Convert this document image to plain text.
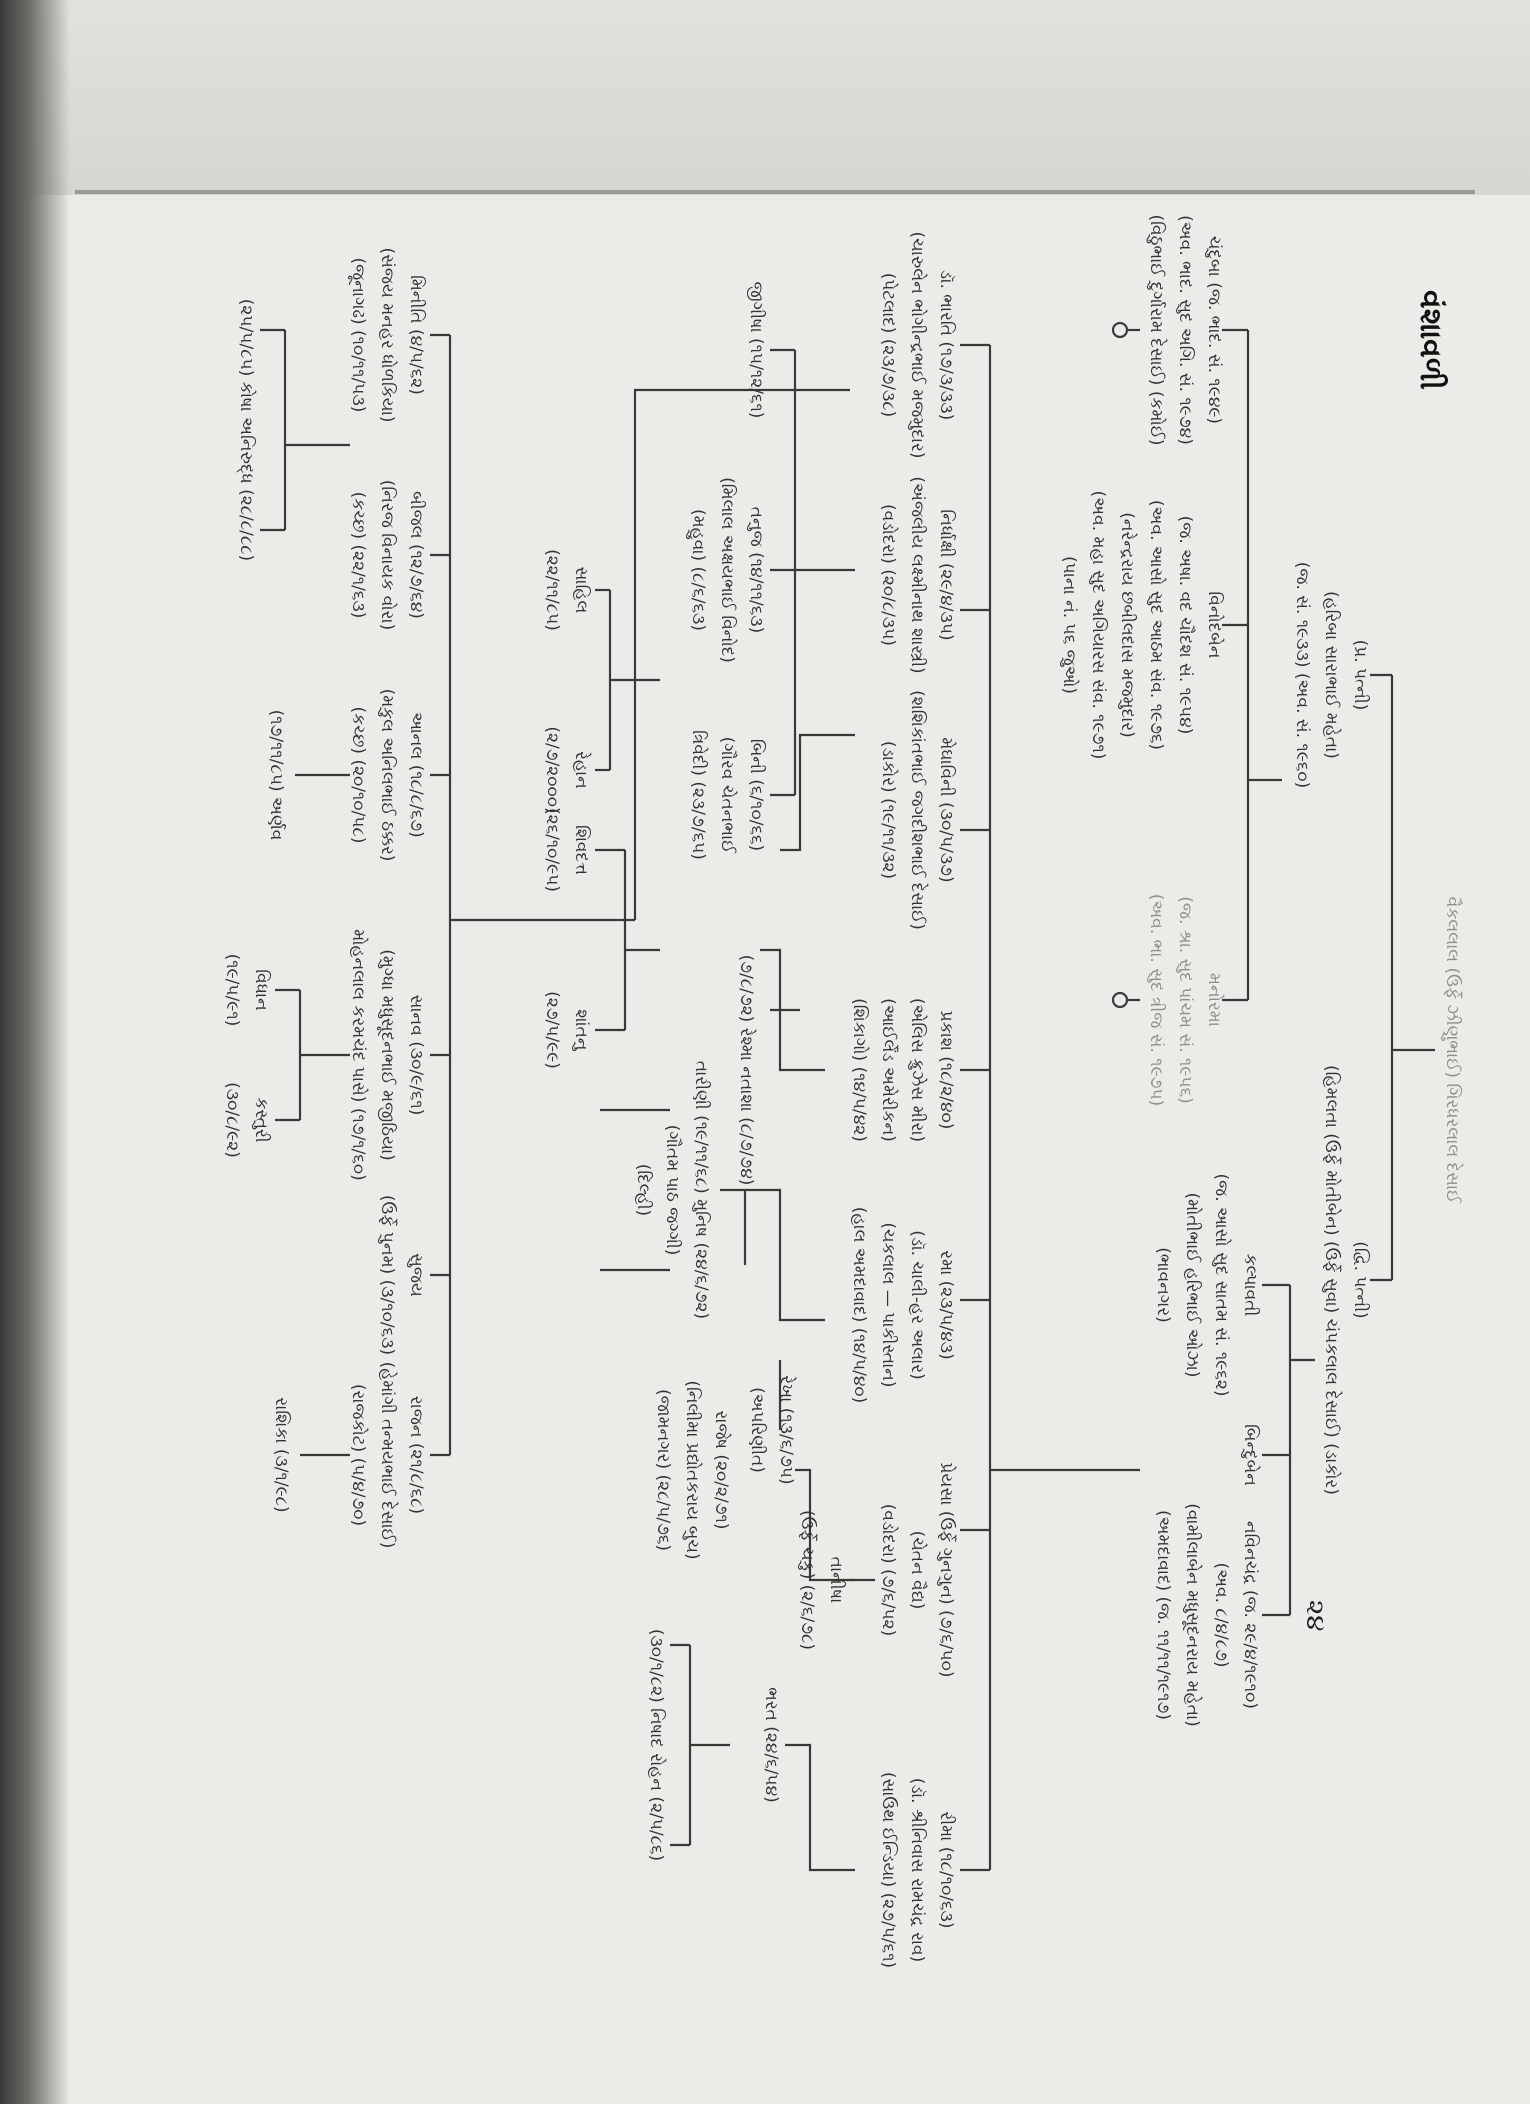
વૈકલલાલ (ઉર્ફે ઝીણુભાઈ) ગિરધરલાલ દેસાઈ
(પ્ર. પત્ની)
(હરિબા સારાભાઈ મહેતા)
(જ. સં. ૧૯૩૩) (અવ. સં. ૧૯૬૦)
(દ્વિ. પત્ની)
(હિમલતા (ઉર્ફે મોતીબેન) (ઉર્ફે સુવા) ચંપકલાલ દેસાઈ) (ડાકોર)
ચંદુબા (જ. ભાદ. સં. ૧૯૪૯)
(અવ. ભાદ. સુદ અગિ. સં. ૧૯૭૪)
(વિઠુભાઈ દુર્ગારામ દેસાઈ) (કમોઈ)
વિનોદબેન
(જ. અષા. વદ ચૌદશ સં. ૧૯૫૪)
(અવ. આસો સુદ આઠમ સંવ. ૧૯૭૬)
(નરેન્દ્રરાય છબીલદાસ મજમુદાર)
(અવ. મહા સુદ અગિયારસ સંવ. ૧૯૭૧)
(પાના નં. ૫૬ જુઓ)
મનોરમા
(જ. શ્રા. સુદ પાંચમ સં. ૧૯૫૬)
(અવ. ભા. સુદ ત્રીજ સં. ૧૯૭૫)
કલ્પાવતી
(જ. આસો સુદ સાતમ સં. ૧૯૬૨)
(મોતીભાઈ હરિભાઈ ઓઝા)
(ભાવનગર)
બિન્દુબેન
નવિનચંદ્ર (જ. ૨૯/૪/૧૯૧૦)
(અવ. ૮/૪/૮૭)
(વામીલાબેન મધુસૂદનરાય મહેતા)
(અમદાવાદ) (જ. ૧૧/૧૧/૧૯૧૭)
ડૉ. ભારતિ (૧૭/૩/૩૩)
(ચારુલેન ભોગીન્દ્રભાઈ મજમુદાર)
(પેટલાદ) (૨૩/૭/૩૮)
નિર્ધાક્ષી (૨૯/૪/૩૫)
(અંજલીય લક્ષ્મીનાથ શાસ્ત્રી)
(વડોદરા) (૨૦/૮/૩૫)
મેઘાવિની (૩૦/૫/૩૭)
(શશિકાંતભાઈ જગદીશભાઈ દેસાઈ)
(ડાકોર) (૧૯/૧૧/૩૨)
પ્રકાશ (૧૮/૨/૪૦)
(એલિસ ક્રુઝેસ મીરા)
(આઈર્લેંડ અમેરીકન)
(શિકાગો) (૧૪/૫/૪૨)
રમા (૨૩/૫/૪૩)
(ડૉ. ચાલી-હર અલાર)
(ચકલાલ — પાકીસ્તાન)
(હાલ અમદાવાદ) (૧૪/૫/૪૦)
પ્રેયસા (ઉર્ફે ગુનગુન) (૭/૬/૫૦)
(ચેતન વૈદ્ય)
(વડોદરા) (૭/૬/૫૨)
રીમા (૧૮/૧૦/૬૩)
(ડૉ. શ્રીનિવાસ રામચંદ્ર રાવ)
(સાઉથ ઈન્ડિયા) (૨૭/૫/૬૧)
જીગીષા (૧૫/૧૨/૬૧)
તનુજ (૧૪/૧૧/૬૩)
(મિલાલ અક્ષયભાઈ વિનોદ)
(મહુવા) (૮/૬/૬૩)
બિની (૬/૧૦/૬૬)
(ગૌરવ ચેતનભાઈ
ત્રિવેદી) (૨૩/૭/૬૫)
(૭/૮/૭૨) રેશ્મા નતાશા (૮/૭/૭૪)
તારીણી (૧૯/૧૧/૬૮) મુનિષ (૨૪/૬/૭૨)
(ગૌતમ પાઠ જગ્ગી)
(દિલ્હી)
રેખા (૧૩/૬/૭૫)
(અપરિણીત)
રાજેષ (૨૦/૨/૭૧)
(નિલીમા પ્રદ્યોતકરાય બુચ)
(જામનગર) (૨૮/૫/૭૬)
તાનીષા
(ઉર્ફે ચકુ) (૨/૬/૭૮)
ભરત (૨૪/૬/૫૪)
સાહિલ
(૨૨/૧૧/૮૫)
રેહાન
(૨/૭/૨૦૦૦)
શિવદત્ત
(૨૬/૧૦/૯૫)
શાંતનુ
(૨૭/૫/૯૯)
(૩૦/૧/૮૨) નિષાદ રોહન (૨/૫/૮૬)
મિનીતિ (૪/૫/૬૨)
(સંજય મનહર ધોળકિયા)
(જૂનાગઢ) (૧૦/૧૧/૫૩)
બીજલ (૧૨/૭/૬૪)
(નિરજ વિનાયક વોરા)
(કચ્છ) (૨૨/૧/૬૩)
આનલ (૧૮/૮/૬૭)
(મકુલ અનિલભાઈ ઠક્કર)
(કચ્છ) (૨૦/૧૦/૫૮)
સાનવ (૩૦/૯/૬૧)
(મુગ્ધા મધુસૂદનભાઈ મજીઠિયા)
મોહનલાલ કરમચંદ પાસે) (૧૭/૧/૬૦)
સુજય
(ઉર્ફે પુનમ) (૩/૧૦/૬૩)
રાજન (૨૧/૮/૬૮)
(હેમાંગી તન્મયભાઈ દેસાઈ)
(રાજકોટ) (૫/૪/૭૦)
(૨૫/૫/૮૫) કોષા અનિરુદ્ધ (૨૮/૮/૮૮)
(૧૭/૧૧/૮૫) અર્ણવ
વિધાન
(૧૯/૫/૯૧)
કસ્તુરી
(૩૦/૮/૯૨)
રાશિકા (૩/૧/૯૮)
વંશાવળી
૨૪
